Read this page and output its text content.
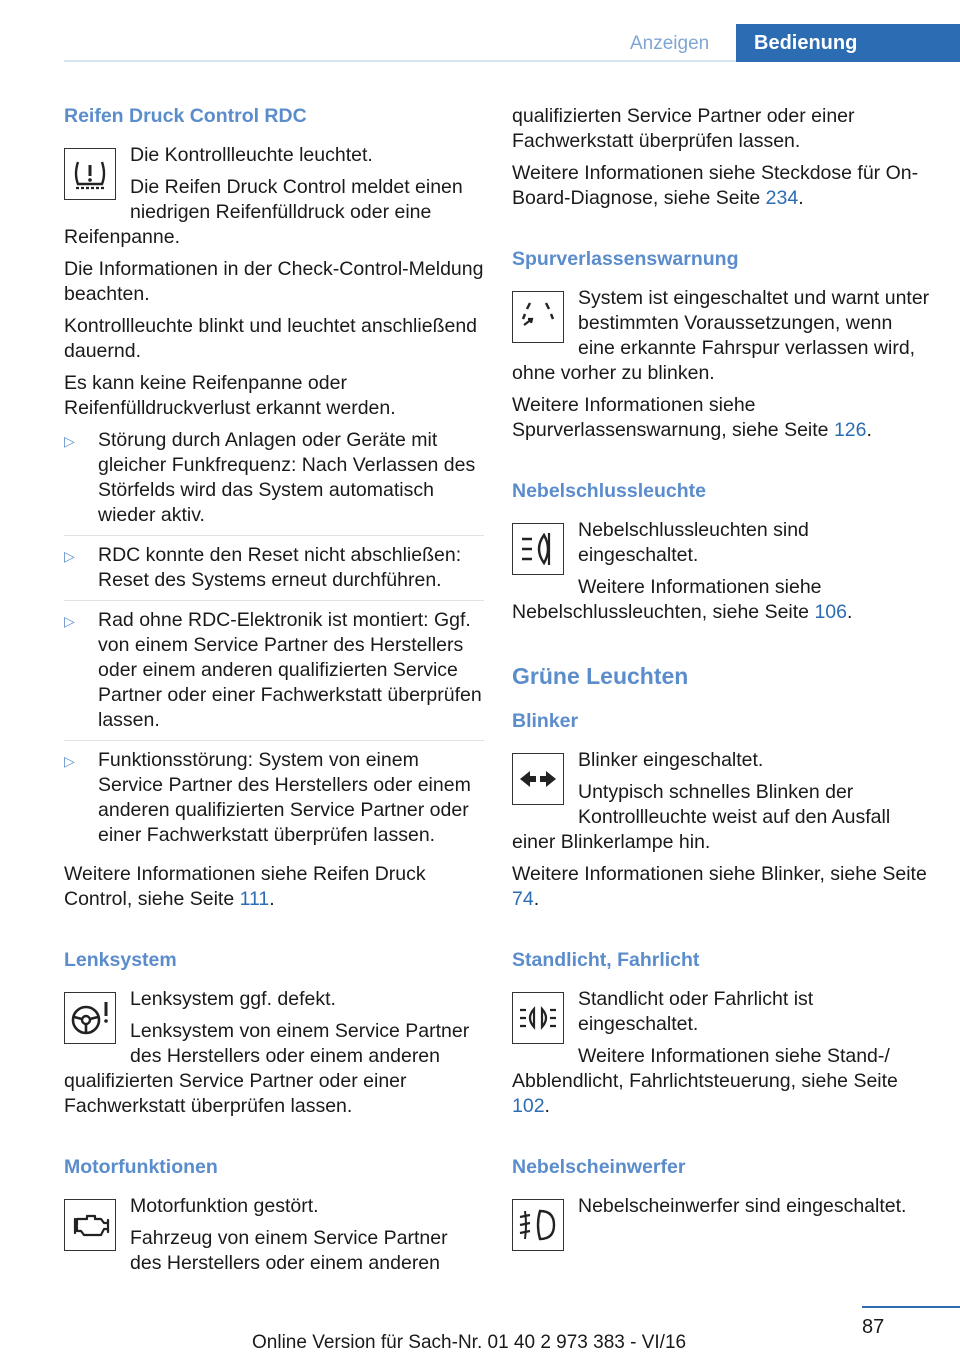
Anzeigen	Bedienung
Reifen Druck Control RDC

Die Kontrollleuchte leuchtet.

Die Reifen Druck Control meldet einen niedrigen Reifenfülldruck oder eine Reifenpanne.

Die Informationen in der Check-Control-Meldung beachten.

Kontrollleuchte blinkt und leuchtet anschließend dauernd.

Es kann keine Reifenpanne oder Reifenfülldruckverlust erkannt werden.

▷ Störung durch Anlagen oder Geräte mit gleicher Funkfrequenz: Nach Verlassen des Störfelds wird das System automatisch wieder aktiv.
▷ RDC konnte den Reset nicht abschließen: Reset des Systems erneut durchführen.
▷ Rad ohne RDC-Elektronik ist montiert: Ggf. von einem Service Partner des Herstellers oder einem anderen qualifizierten Service Partner oder einer Fachwerkstatt überprüfen lassen.
▷ Funktionsstörung: System von einem Service Partner des Herstellers oder einem anderen qualifizierten Service Partner oder einer Fachwerkstatt überprüfen lassen.

Weitere Informationen siehe Reifen Druck Control, siehe Seite 111.

Lenksystem

Lenksystem ggf. defekt.

Lenksystem von einem Service Partner des Herstellers oder einem anderen qualifizierten Service Partner oder einer Fachwerkstatt überprüfen lassen.

Motorfunktionen

Motorfunktion gestört.

Fahrzeug von einem Service Partner des Herstellers oder einem anderen

qualifizierten Service Partner oder einer Fachwerkstatt überprüfen lassen.

Weitere Informationen siehe Steckdose für On-Board-Diagnose, siehe Seite 234.

Spurverlassenswarnung

System ist eingeschaltet und warnt unter bestimmten Voraussetzungen, wenn eine erkannte Fahrspur verlassen wird, ohne vorher zu blinken.

Weitere Informationen siehe Spurverlassenswarnung, siehe Seite 126.

Nebelschlussleuchte

Nebelschlussleuchten sind eingeschaltet.

Weitere Informationen siehe Nebelschlussleuchten, siehe Seite 106.

Grüne Leuchten
Blinker

Blinker eingeschaltet.

Untypisch schnelles Blinken der Kontrollleuchte weist auf den Ausfall einer Blinkerlampe hin.

Weitere Informationen siehe Blinker, siehe Seite 74.

Standlicht, Fahrlicht

Standlicht oder Fahrlicht ist eingeschaltet.

Weitere Informationen siehe Stand-/ Abblendlicht, Fahrlichtsteuerung, siehe Seite 102.

Nebelscheinwerfer

Nebelscheinwerfer sind eingeschaltet.

87
Online Version für Sach-Nr. 01 40 2 973 383 - VI/16
